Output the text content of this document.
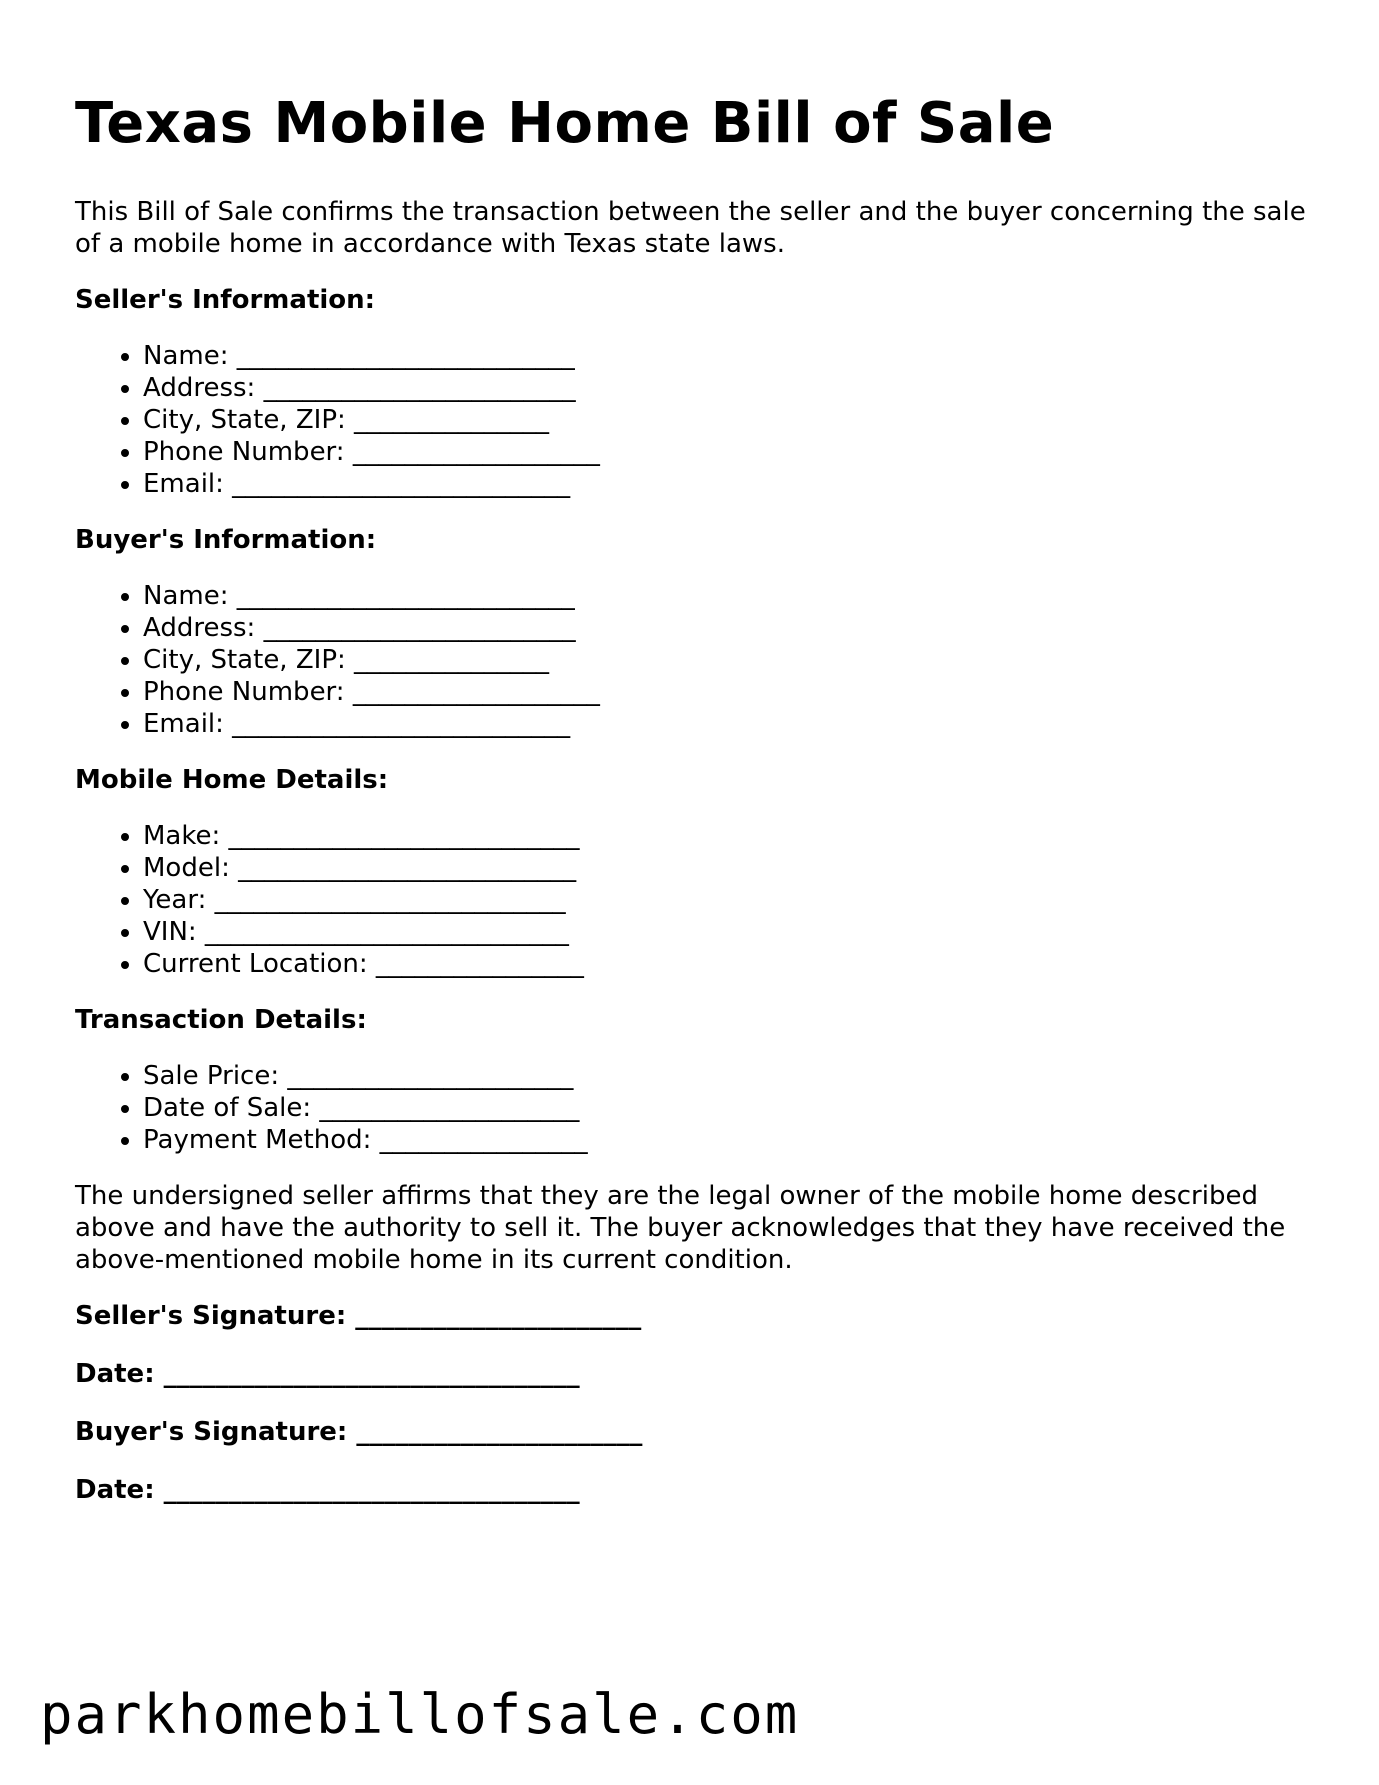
Texas Mobile Home Bill of Sale

This Bill of Sale confirms the transaction between the seller and the buyer concerning the sale of a mobile home in accordance with Texas state laws.

Seller's Information:
• Name: __________________________
• Address: ________________________
• City, State, ZIP: _______________
• Phone Number: ___________________
• Email: __________________________
Buyer's Information:
• Name: __________________________
• Address: ________________________
• City, State, ZIP: _______________
• Phone Number: ___________________
• Email: __________________________
Mobile Home Details:
• Make: ___________________________
• Model: __________________________
• Year: ___________________________
• VIN: ____________________________
• Current Location: ________________
Transaction Details:
• Sale Price: ______________________
• Date of Sale: ____________________
• Payment Method: ________________

The undersigned seller affirms that they are the legal owner of the mobile home described above and have the authority to sell it. The buyer acknowledges that they have received the above-mentioned mobile home in its current condition.

Seller's Signature: ______________________
Date: ________________________________
Buyer's Signature: ______________________
Date: ________________________________
parkhomebillofsale.com
